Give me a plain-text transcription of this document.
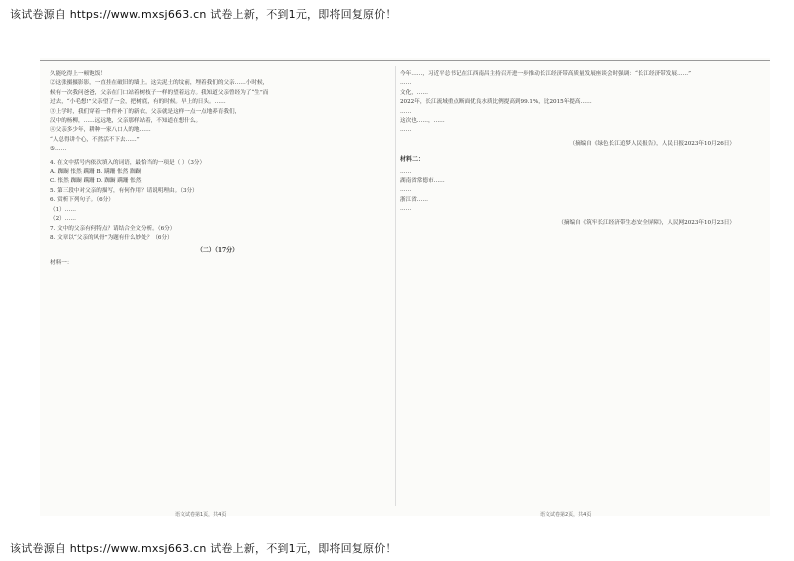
该试卷源自 https://www.mxsj663.cn 试卷上新，不到1元，即将回复原价！
久能吃得上一顿饱饭！
②这张摄摄影影，一直挂在破旧的墙上。这尖泥土的坟前，埋着我们的父亲……小时候，
候有一次我问爸爸，父亲在门口站着树枝子一样的望着远方。我知道父亲曾经为了“生”而
过去，“小毛想!”父亲望了一会，把树底，有的时候。早上的日头。……
③上学时，我们穿着一件件补丁的新衣，父亲就是这样一点一点地养育我们，
汉中的杨柳，……远远地，父亲那样站着，不知道在想什么。
④父亲多少年，耕种一家八口人的地……
“人总得讲个心，不然活不下去……”
⑤……
4. 在文中括号内依次填入的词语，最恰当的一项是（ ）（3分）
A. 踟蹰 怅然 蹒跚 B. 蹒跚 怅然 踟蹰
C. 怅然 踟蹰 蹒跚 D. 踟蹰 蹒跚 怅然
5. 第三段中对父亲的描写，有何作用？请说明理由。（3分）
6. 赏析下列句子。（6分）
（1）……
（2）……
7. 文中的父亲有何特点？请结合全文分析。（6分）
8. 文章以“父亲的风骨”为题有什么妙处？（6分）
（二）（17分）
材料一：
今年……，习近平总书记在江西南昌主持召开进一步推动长江经济带高质量发展座谈会时强调：“长江经济带发展……”
……
文化，……
2022年，长江流域重点断面优良水质比例提高到99.1%，比2015年提高……
……
这次也……，……
……
（摘编自《绿色长江追梦人民报告》，人民日报2023年10月26日）
材料二：
……
湖南省常德市……
……
浙江省……
……
（摘编自《筑牢长江经济带生态安全屏障》，人民网2023年10月23日）
语文试卷第1页，共4页	语文试卷第2页，共4页
该试卷源自 https://www.mxsj663.cn 试卷上新，不到1元，即将回复原价！
